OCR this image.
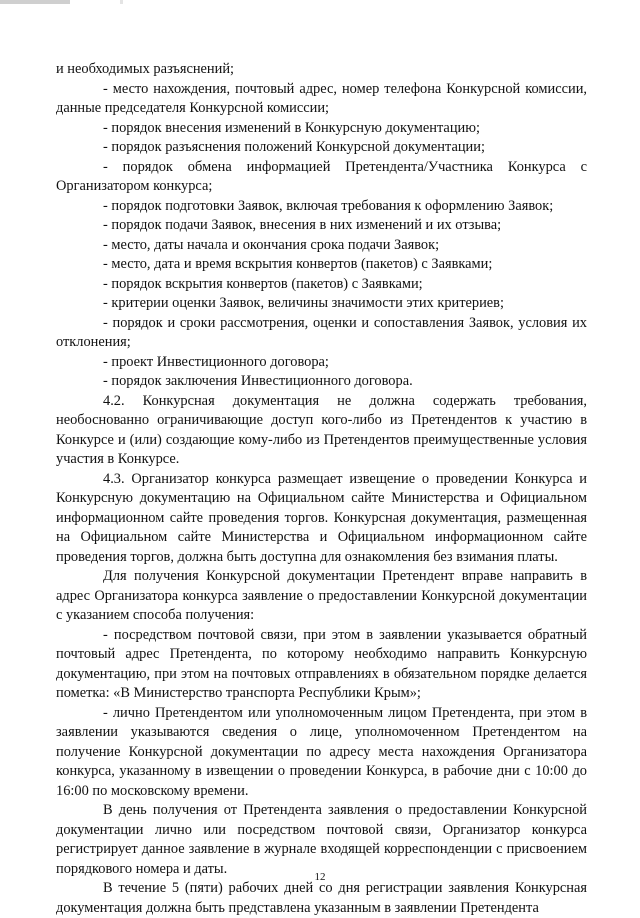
и необходимых разъяснений;

- место нахождения, почтовый адрес, номер телефона Конкурсной комиссии, данные председателя Конкурсной комиссии;

- порядок внесения изменений в Конкурсную документацию;

- порядок разъяснения положений Конкурсной документации;

- порядок обмена информацией Претендента/Участника Конкурса с Организатором конкурса;

- порядок подготовки Заявок, включая требования к оформлению Заявок;

- порядок подачи Заявок, внесения в них изменений и их отзыва;

- место, даты начала и окончания срока подачи Заявок;

- место, дата и время вскрытия конвертов (пакетов) с Заявками;

- порядок вскрытия конвертов (пакетов) с Заявками;

- критерии оценки Заявок, величины значимости этих критериев;

- порядок и сроки рассмотрения, оценки и сопоставления Заявок, условия их отклонения;

- проект Инвестиционного договора;

- порядок заключения Инвестиционного договора.

4.2. Конкурсная документация не должна содержать требования, необоснованно ограничивающие доступ кого-либо из Претендентов к участию в Конкурсе и (или) создающие кому-либо из Претендентов преимущественные условия участия в Конкурсе.

4.3. Организатор конкурса размещает извещение о проведении Конкурса и Конкурсную документацию на Официальном сайте Министерства и Официальном информационном сайте проведения торгов. Конкурсная документация, размещенная на Официальном сайте Министерства и Официальном информационном сайте проведения торгов, должна быть доступна для ознакомления без взимания платы.

Для получения Конкурсной документации Претендент вправе направить в адрес Организатора конкурса заявление о предоставлении Конкурсной документации с указанием способа получения:

- посредством почтовой связи, при этом в заявлении указывается обратный почтовый адрес Претендента, по которому необходимо направить Конкурсную документацию, при этом на почтовых отправлениях в обязательном порядке делается пометка: «В Министерство транспорта Республики Крым»;

- лично Претендентом или уполномоченным лицом Претендента, при этом в заявлении указываются сведения о лице, уполномоченном Претендентом на получение Конкурсной документации по адресу места нахождения Организатора конкурса, указанному в извещении о проведении Конкурса, в рабочие дни с 10:00 до 16:00 по московскому времени.

В день получения от Претендента заявления о предоставлении Конкурсной документации лично или посредством почтовой связи, Организатор конкурса регистрирует данное заявление в журнале входящей корреспонденции с присвоением порядкового номера и даты.

В течение 5 (пяти) рабочих дней со дня регистрации заявления Конкурсная документация должна быть представлена указанным в заявлении Претендента

12
